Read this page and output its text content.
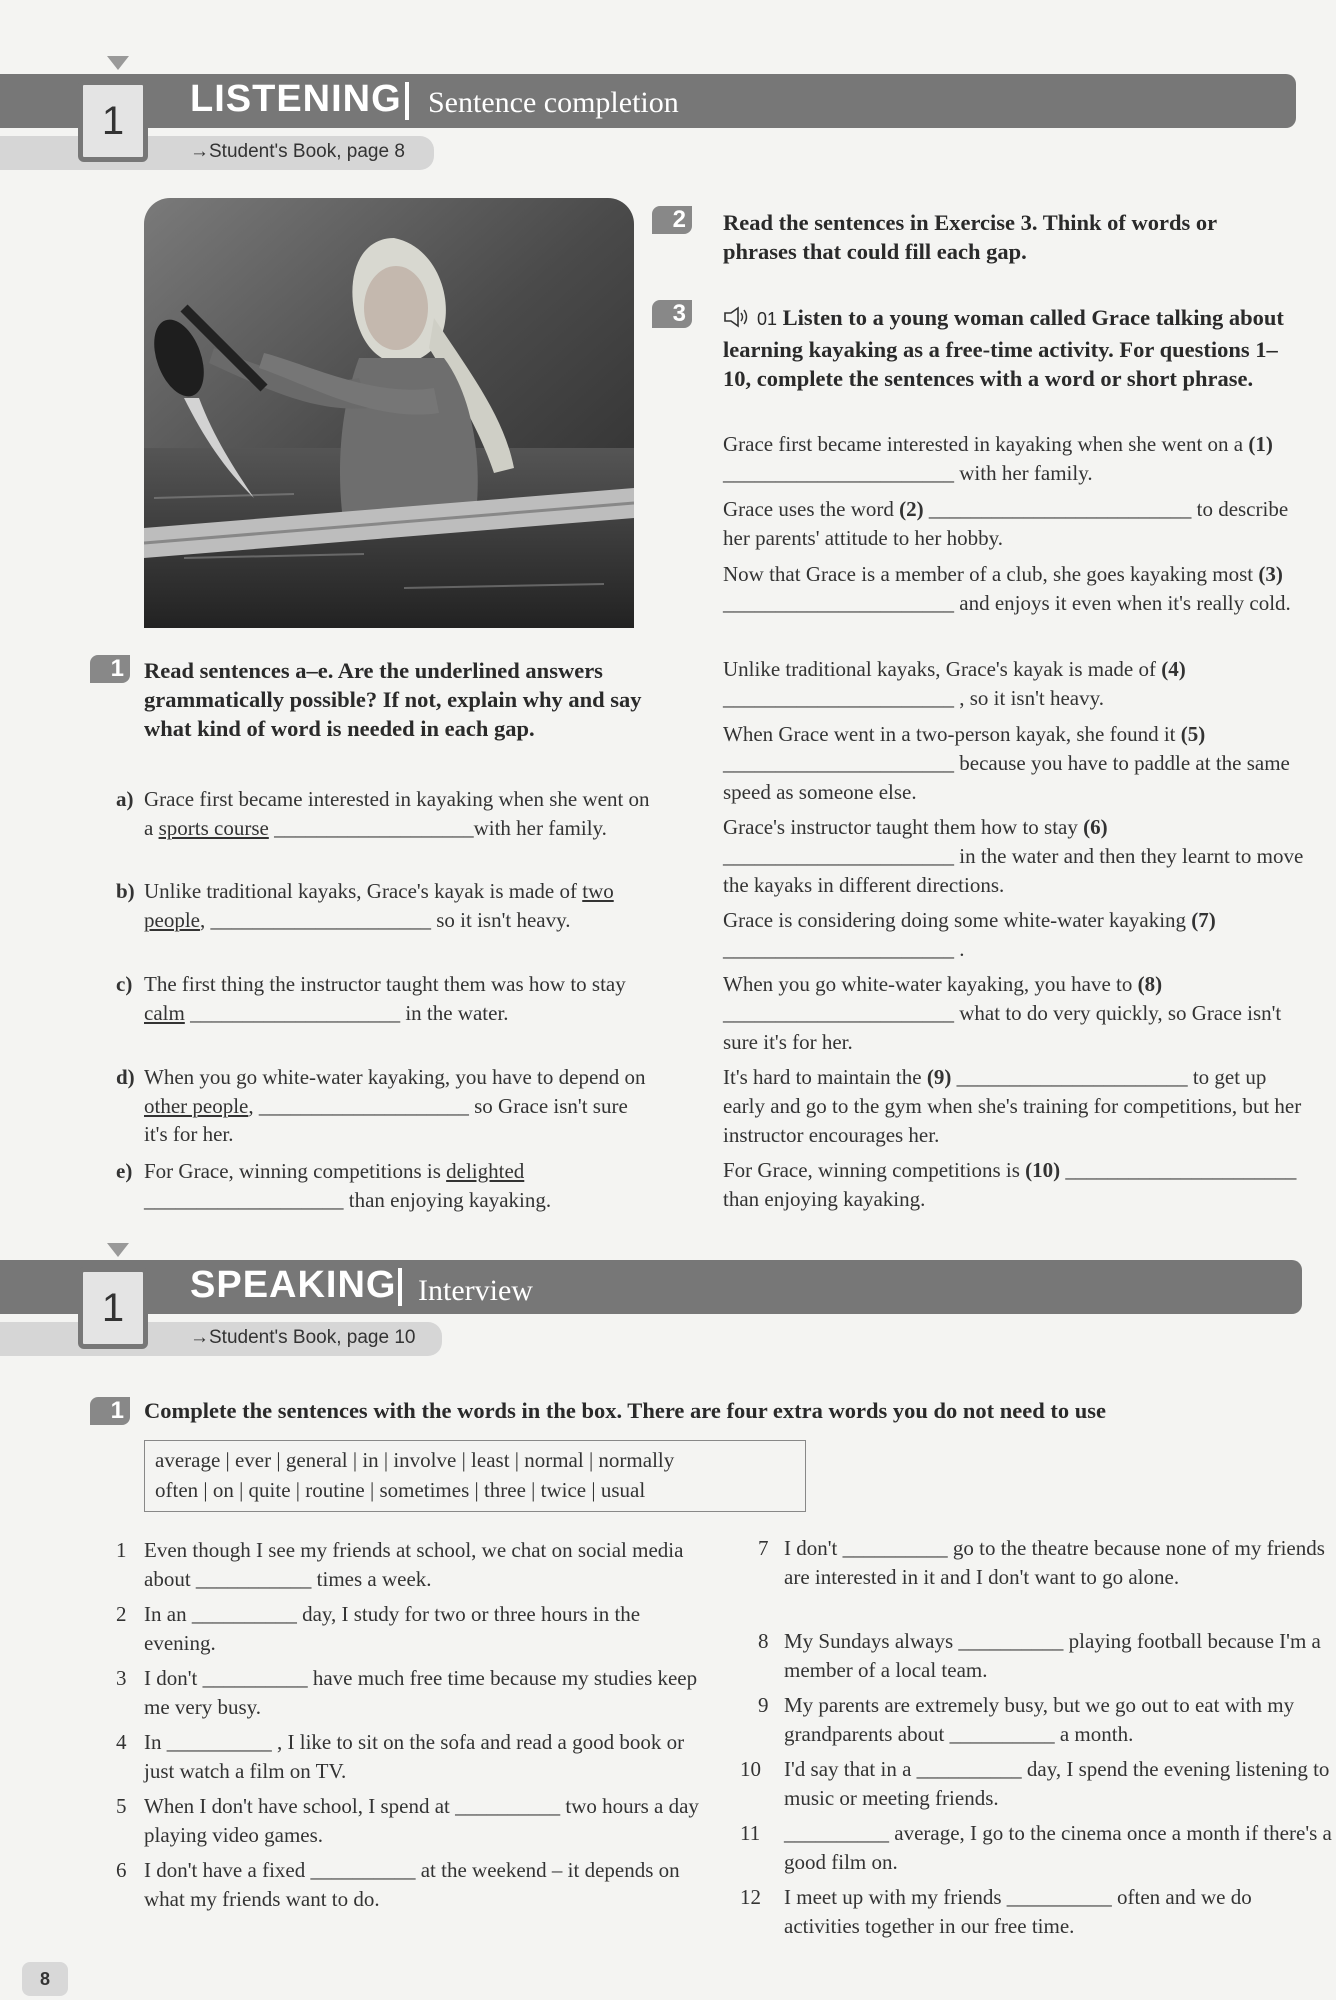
LISTENING Sentence completion
→Student's Book, page 8
1
1 Read sentences a–e. Are the underlined answers grammatically possible? If not, explain why and say what kind of word is needed in each gap.
a) Grace first became interested in kayaking when she went on a sports course ___________________with her family.
b) Unlike traditional kayaks, Grace's kayak is made of two people, _____________________ so it isn't heavy.
c) The first thing the instructor taught them was how to stay calm ____________________ in the water.
d) When you go white-water kayaking, you have to depend on other people, ____________________ so Grace isn't sure it's for her.
e) For Grace, winning competitions is delighted ___________________ than enjoying kayaking.
2 Read the sentences in Exercise 3. Think of words or phrases that could fill each gap.
3	01 Listen to a young woman called Grace talking about learning kayaking as a free-time activity. For questions 1–10, complete the sentences with a word or short phrase.
Grace first became interested in kayaking when she went on a (1) ______________________ with her family.
Grace uses the word (2) _________________________ to describe her parents' attitude to her hobby.
Now that Grace is a member of a club, she goes kayaking most (3) ______________________ and enjoys it even when it's really cold.
Unlike traditional kayaks, Grace's kayak is made of (4) ______________________ , so it isn't heavy.
When Grace went in a two-person kayak, she found it (5) ______________________ because you have to paddle at the same speed as someone else.
Grace's instructor taught them how to stay (6) ______________________ in the water and then they learnt to move the kayaks in different directions.
Grace is considering doing some white-water kayaking (7) ______________________ .
When you go white-water kayaking, you have to (8) ______________________ what to do very quickly, so Grace isn't sure it's for her.
It's hard to maintain the (9) ______________________ to get up early and go to the gym when she's training for competitions, but her instructor encourages her.
For Grace, winning competitions is (10) ______________________ than enjoying kayaking.
SPEAKING Interview
→Student's Book, page 10
1
1 Complete the sentences with the words in the box. There are four extra words you do not need to use
average | ever | general | in | involve | least | normal | normally
often | on | quite | routine | sometimes | three | twice | usual
1 Even though I see my friends at school, we chat on social media about ___________ times a week.
2 In an __________ day, I study for two or three hours in the evening.
3 I don't __________ have much free time because my studies keep me very busy.
4 In __________ , I like to sit on the sofa and read a good book or just watch a film on TV.
5 When I don't have school, I spend at __________ two hours a day playing video games.
6 I don't have a fixed __________ at the weekend – it depends on what my friends want to do.
7 I don't __________ go to the theatre because none of my friends are interested in it and I don't want to go alone.
8 My Sundays always __________ playing football because I'm a member of a local team.
9 My parents are extremely busy, but we go out to eat with my grandparents about __________ a month.
10	I'd say that in a __________ day, I spend the evening listening to music or meeting friends.
11	__________ average, I go to the cinema once a month if there's a good film on.
12	I meet up with my friends __________ often and we do activities together in our free time.
8
